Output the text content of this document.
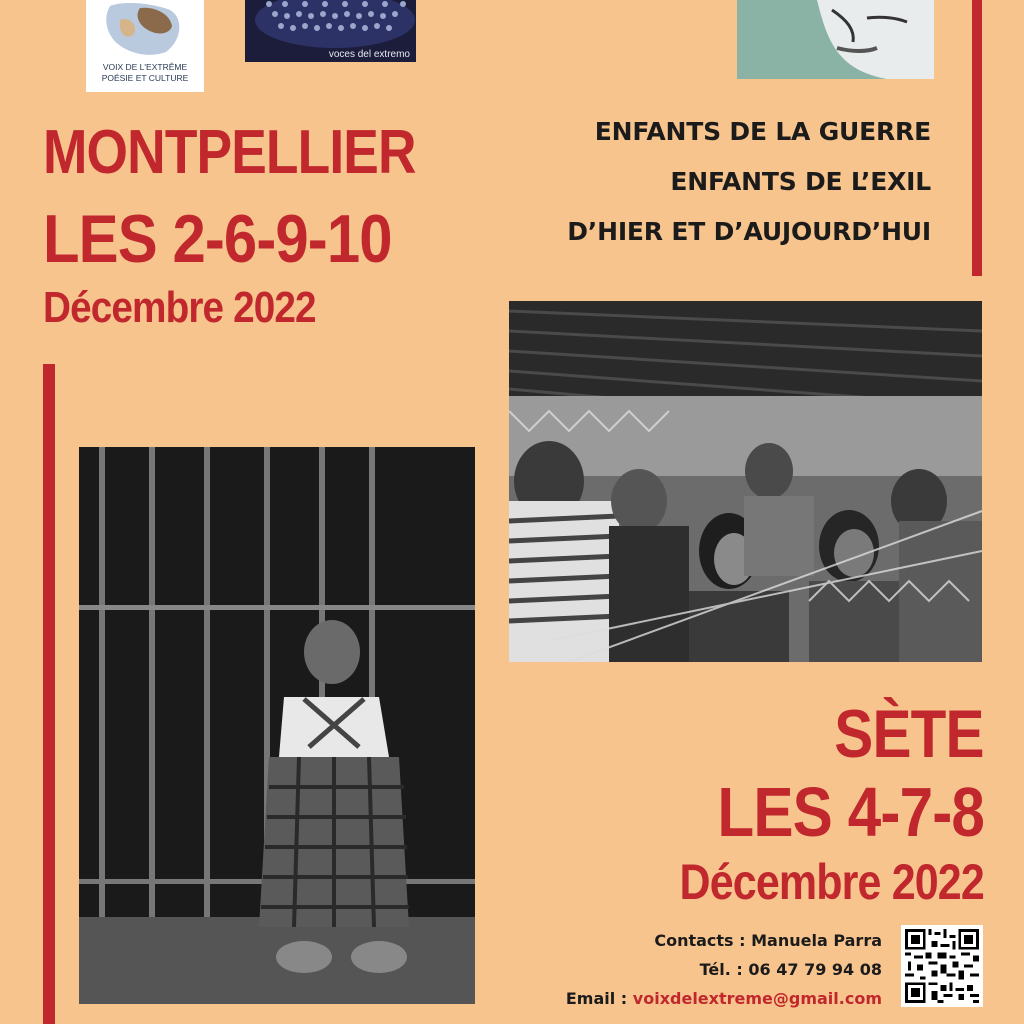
VOIX DE L'EXTRÊME
POÉSIE ET CULTURE
voces del extremo
MONTPELLIER
LES 2-6-9-10
Décembre 2022
ENFANTS DE LA GUERRE
ENFANTS DE L’EXIL
D’HIER ET D’AUJOURD’HUI
SÈTE
LES 4-7-8
Décembre 2022
Contacts : Manuela Parra
Tél. : 06 47 79 94 08
Email : voixdelextreme@gmail.com
